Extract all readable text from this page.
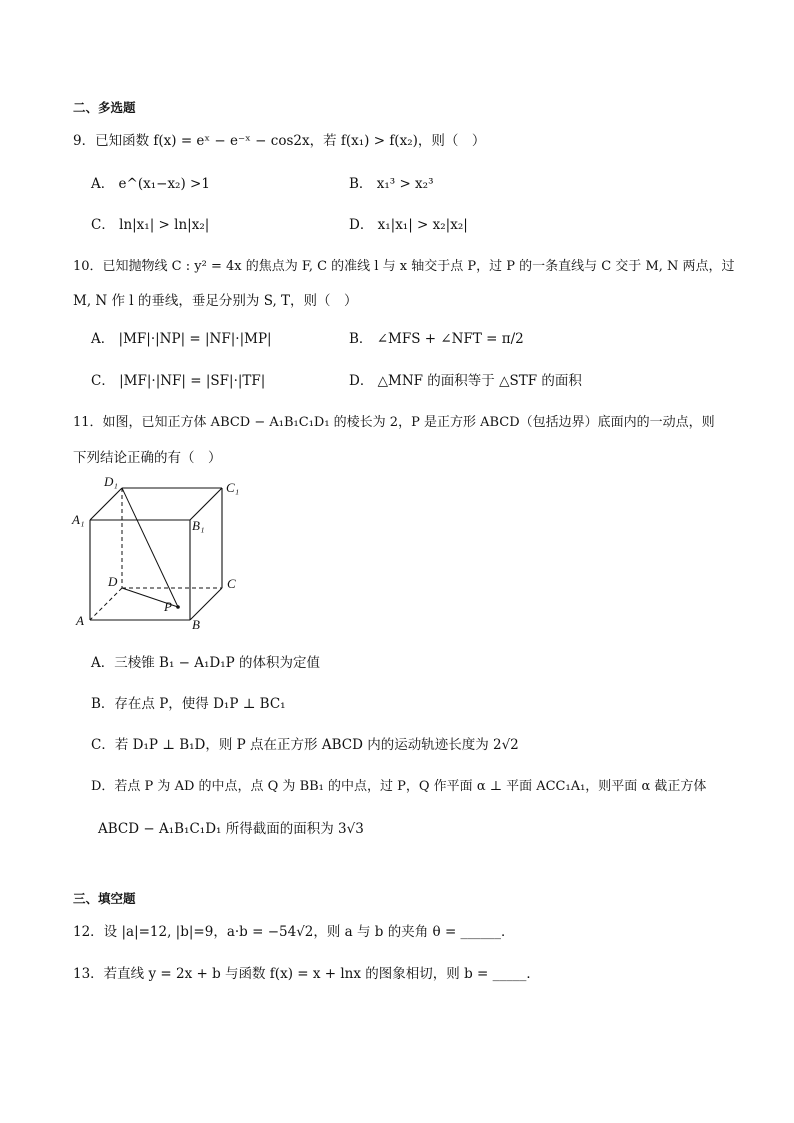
二、多选题
9．已知函数 f(x) = eˣ − e⁻ˣ − cos2x，若 f(x₁) > f(x₂)，则（　）
A． e^(x₁−x₂) >1	B． x₁³ > x₂³
C． ln|x₁| > ln|x₂|	D． x₁|x₁| > x₂|x₂|
10．已知抛物线 C : y² = 4x 的焦点为 F, C 的准线 l 与 x 轴交于点 P，过 P 的一条直线与 C 交于 M, N 两点，过
M, N 作 l 的垂线，垂足分别为 S, T，则（　）
A． |MF|·|NP| = |NF|·|MP|	B． ∠MFS + ∠NFT = π/2
C． |MF|·|NF| = |SF|·|TF|	D． △MNF 的面积等于 △STF 的面积
11．如图，已知正方体 ABCD − A₁B₁C₁D₁ 的棱长为 2，P 是正方形 ABCD（包括边界）底面内的一动点，则
下列结论正确的有（　）
D₁	C₁
A₁	B₁
D	C
P
A	B
A．三棱锥 B₁ − A₁D₁P 的体积为定值
B．存在点 P，使得 D₁P ⊥ BC₁
C．若 D₁P ⊥ B₁D，则 P 点在正方形 ABCD 内的运动轨迹长度为 2√2
D．若点 P 为 AD 的中点，点 Q 为 BB₁ 的中点，过 P，Q 作平面 α ⊥ 平面 ACC₁A₁，则平面 α 截正方体
ABCD − A₁B₁C₁D₁ 所得截面的面积为 3√3
三、填空题
12．设 |a|=12, |b|=9，a·b = −54√2，则 a 与 b 的夹角 θ = ______．
13．若直线 y = 2x + b 与函数 f(x) = x + lnx 的图象相切，则 b = _____．
